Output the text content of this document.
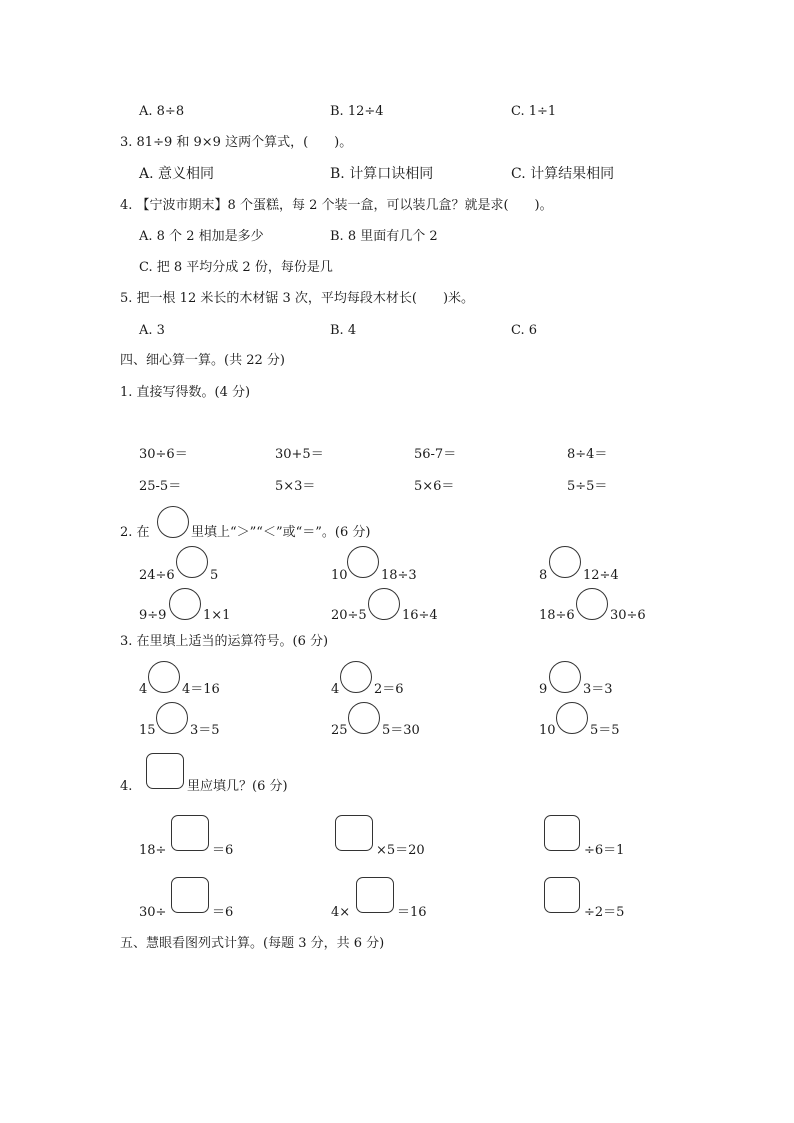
A. 8÷8	B. 12÷4	C. 1÷1
3. 81÷9 和 9×9 这两个算式，(　　)。
A. 意义相同	B. 计算口诀相同	C. 计算结果相同
4. 【宁波市期末】8 个蛋糕，每 2 个装一盒，可以装几盒？就是求(　　)。
A. 8 个 2 相加是多少	B. 8 里面有几个 2
C. 把 8 平均分成 2 份，每份是几
5. 把一根 12 米长的木材锯 3 次，平均每段木材长(　　)米。
A. 3	B. 4	C. 6
四、细心算一算。(共 22 分)
1. 直接写得数。(4 分)
30÷6＝	30+5＝	56-7＝	8÷4＝
25-5＝	5×3＝	5×6＝	5÷5＝
2. 在	里填上“＞”“＜”或“＝”。(6 分)
24÷6	5	10	18÷3	8	12÷4
9÷9	1×1	20÷5	16÷4	18÷6	30÷6
3. 在里填上适当的运算符号。(6 分)
4	4＝16	4	2＝6	9	3＝3
15	3＝5	25	5＝30	10	5＝5
4.	里应填几？(6 分)
18÷	＝6	×5＝20	÷6＝1
30÷	＝6	4×	＝16	÷2＝5
五、慧眼看图列式计算。(每题 3 分，共 6 分)
